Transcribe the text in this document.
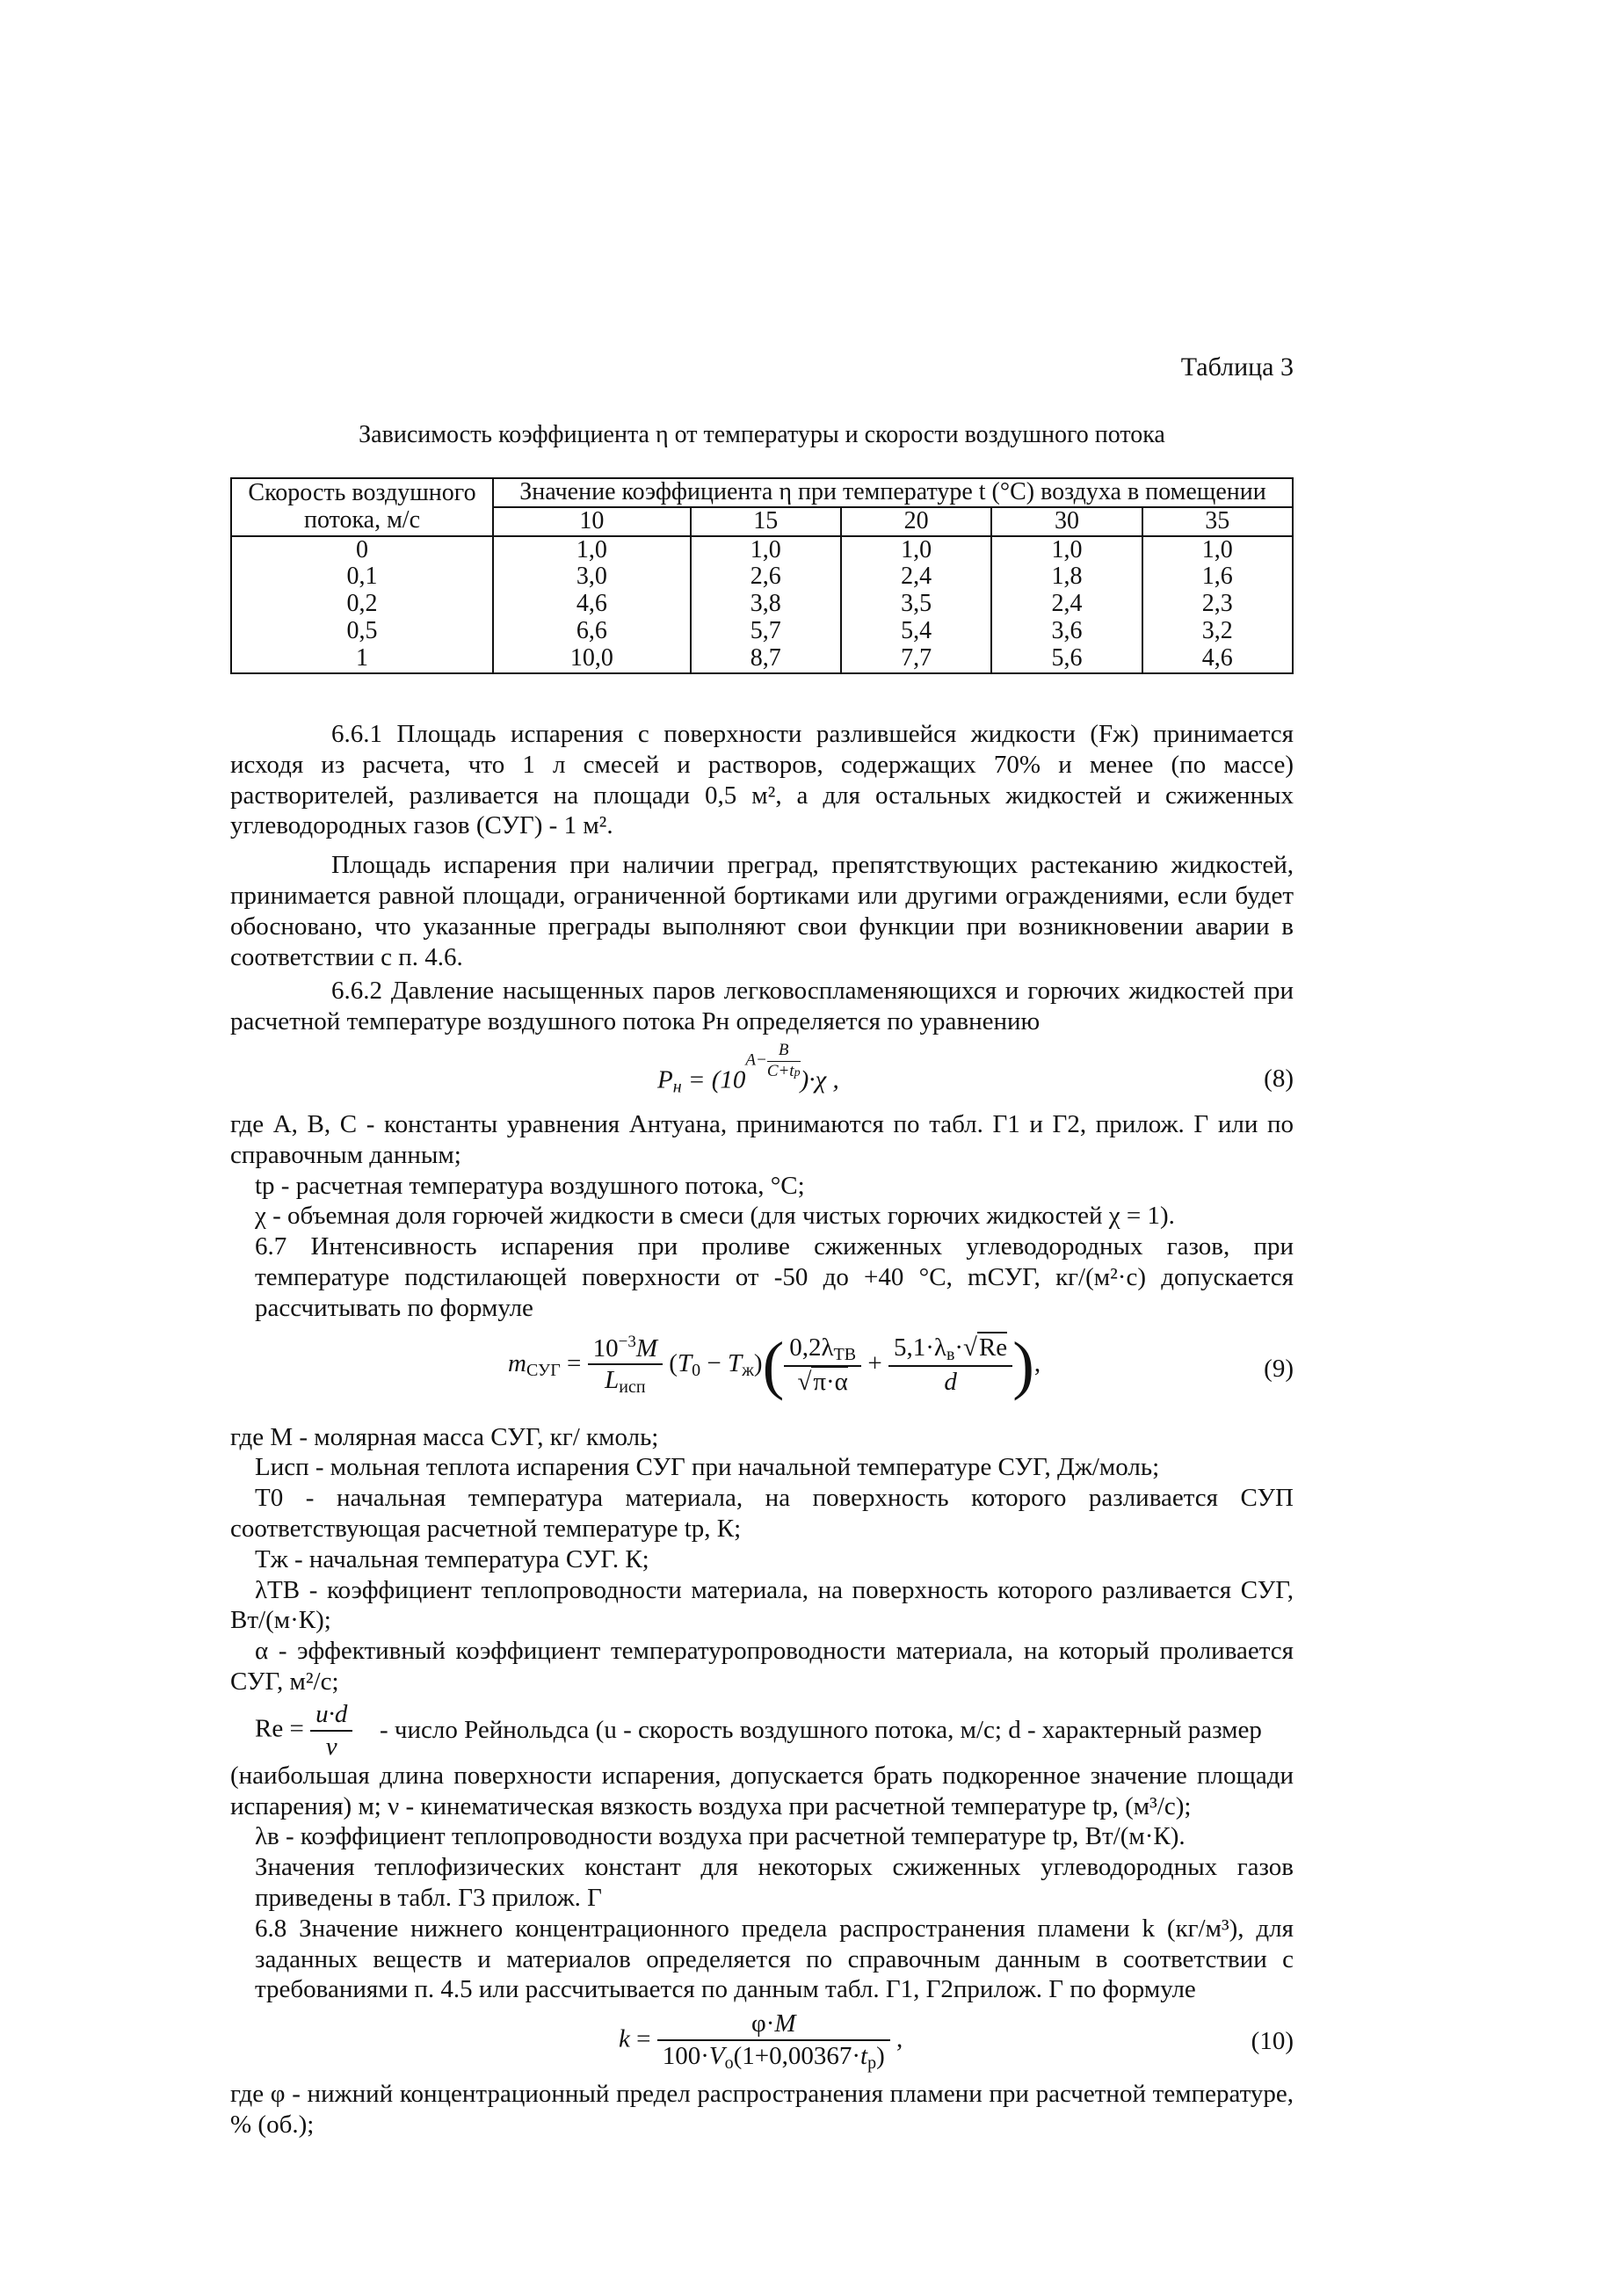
Таблица 3
Зависимость коэффициента η от температуры и скорости воздушного потока
Скорость воздушного потока, м/с	Значение коэффициента η при температуре t (°С) воздуха в помещении				
	10	15	20	30	35
0	1,0	1,0	1,0	1,0	1,0
0,1	3,0	2,6	2,4	1,8	1,6
0,2	4,6	3,8	3,5	2,4	2,3
0,5	6,6	5,7	5,4	3,6	3,2
1	10,0	8,7	7,7	5,6	4,6

6.6.1 Площадь испарения с поверхности разлившейся жидкости (Fж) принимается исходя из расчета, что 1 л смесей и растворов, содержащих 70% и менее (по массе) растворителей, разливается на площади 0,5 м², а для остальных жидкостей и сжиженных углеводородных газов (СУГ) - 1 м².

Площадь испарения при наличии преград, препятствующих растеканию жидкостей, принимается равной площади, ограниченной бортиками или другими ограждениями, если будет обосновано, что указанные преграды выполняют свои функции при возникновении аварии в соответствии с п. 4.6.

6.6.2 Давление насыщенных паров легковоспламеняющихся и горючих жидкостей при расчетной температуре воздушного потока Рн определяется по уравнению

$P_н = (10A-$
B
C+tр )·χ ,	(8)

где А, В, С - константы уравнения Антуана, принимаются по табл. Г1 и Г2, прилож. Г или по справочным данным;

tр - расчетная температура воздушного потока, °С;

χ - объемная доля горючей жидкости в смеси (для чистых горючих жидкостей χ = 1).

6.7 Интенсивность испарения при проливе сжиженных углеводородных газов, при температуре подстилающей поверхности от -50 до +40 °С, mСУГ, кг/(м²·с) допускается рассчитывать по формуле

$m_{СУГ} = \frac{10^{-3}M}{L_{исп}} (T_0 - T_ж)( \frac{0,2\lambda_{ТВ}}{√\pi\cdot\alpha} + \frac{5,1\cdot\lambda_в\cdot√Re}{d}$ ),	(9)

где М - молярная масса СУГ, кг/ кмоль;

Lисп - мольная теплота испарения СУГ при начальной температуре СУГ, Дж/моль;

Т0 - начальная температура материала, на поверхность которого разливается СУП соответствующая расчетной температуре tр, К;

Тж - начальная температура СУГ. К;

λТВ - коэффициент теплопроводности материала, на поверхность которого разливается СУГ, Вт/(м·К);

α - эффективный коэффициент температуропроводности материала, на который проливается СУГ, м²/с;

$Re = \frac{u\cdot d}{\nu}$ - число Рейнольдса (u - скорость воздушного потока, м/с; d - характерный размер

(наибольшая длина поверхности испарения, допускается брать подкоренное значение площади испарения) м; ν - кинематическая вязкость воздуха при расчетной температуре tр, (м³/с);

λв - коэффициент теплопроводности воздуха при расчетной температуре tр, Вт/(м·К).

Значения теплофизических констант для некоторых сжиженных углеводородных газов приведены в табл. Г3 прилож. Г

6.8 Значение нижнего концентрационного предела распространения пламени k (кг/м³), для заданных веществ и материалов определяется по справочным данным в соответствии с требованиями п. 4.5 или рассчитывается по данным табл. Г1, Г2прилож. Г по формуле

$k = \frac{\varphi\cdot M}{100\cdot V_о(1+0,00367\cdot t_р)}$ ,	(10)

где φ - нижний концентрационный предел распространения пламени при расчетной температуре, % (об.);
